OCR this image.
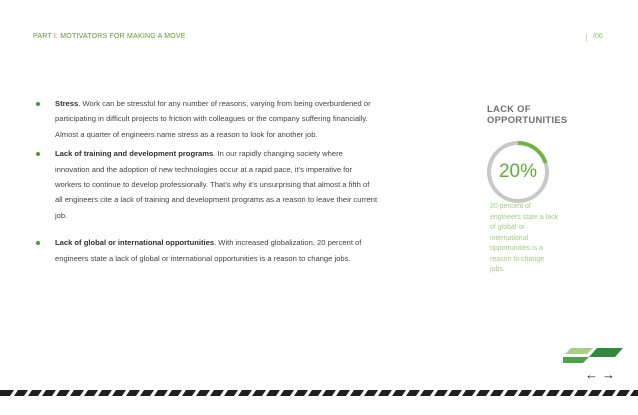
PART I: MOTIVATORS FOR MAKING A MOVE	/06
Stress. Work can be stressful for any number of reasons, varying from being overburdened or participating in difficult projects to friction with colleagues or the company suffering financially. Almost a quarter of engineers name stress as a reason to look for another job.
Lack of training and development programs. In our rapidly changing society where innovation and the adoption of new technologies occur at a rapid pace, it’s imperative for workers to continue to develop professionally. That’s why it’s unsurprising that almost a fifth of all engineers cite a lack of training and development programs as a reason to leave their current job.
Lack of global or international opportunities. With increased globalization, 20 percent of engineers state a lack of global or international opportunities is a reason to change jobs.
LACK OF
OPPORTUNITIES
20%
20 percent of engineers state a lack of global or international opportunities is a reason to change jobs.
← →
